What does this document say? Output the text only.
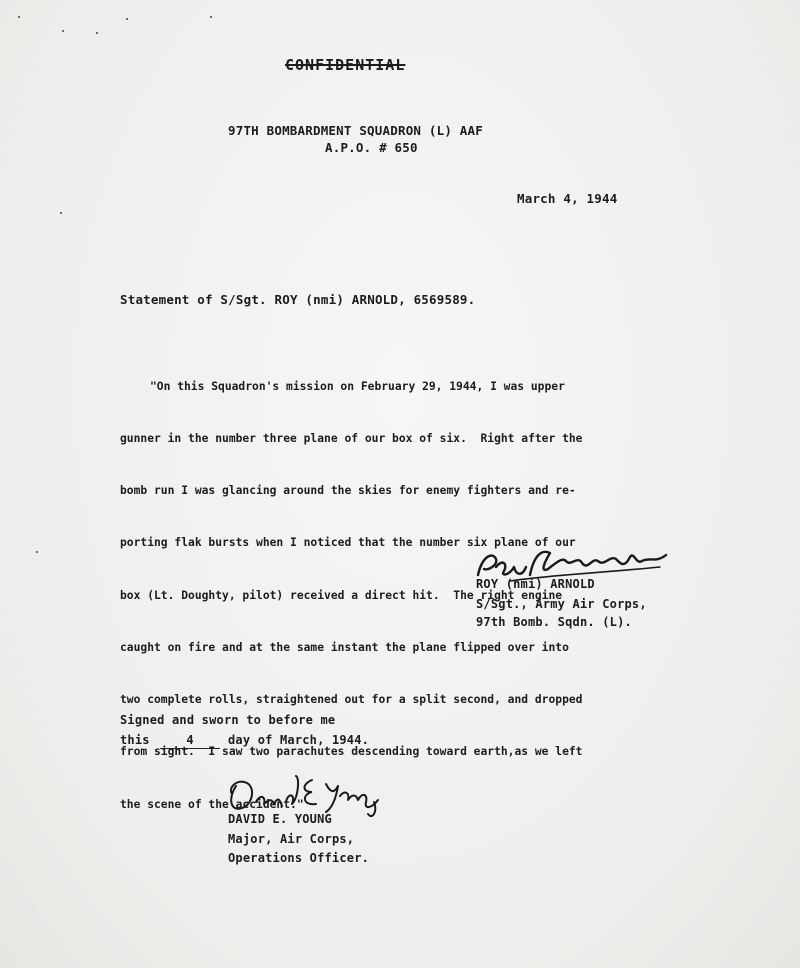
CONFIDENTIAL
97TH BOMBARDMENT SQUADRON (L) AAF
A.P.O. # 650
March 4, 1944
Statement of S/Sgt. ROY (nmi) ARNOLD, 6569589.

"On this Squadron's mission on February 29, 1944, I was upper

gunner in the number three plane of our box of six.  Right after the

bomb run I was glancing around the skies for enemy fighters and re-

porting flak bursts when I noticed that the number six plane of our

box (Lt. Doughty, pilot) received a direct hit.  The right engine

caught on fire and at the same instant the plane flipped over into

two complete rolls, straightened out for a split second, and dropped

from sight.  I saw two parachutes descending toward earth,as we left

the scene of the accident."

ROY (nmi) ARNOLD
S/Sgt., Army Air Corps,
97th Bomb. Sqdn. (L).
Signed and sworn to before me
this	4	day of March, 1944.
DAVID E. YOUNG
Major, Air Corps,
Operations Officer.
